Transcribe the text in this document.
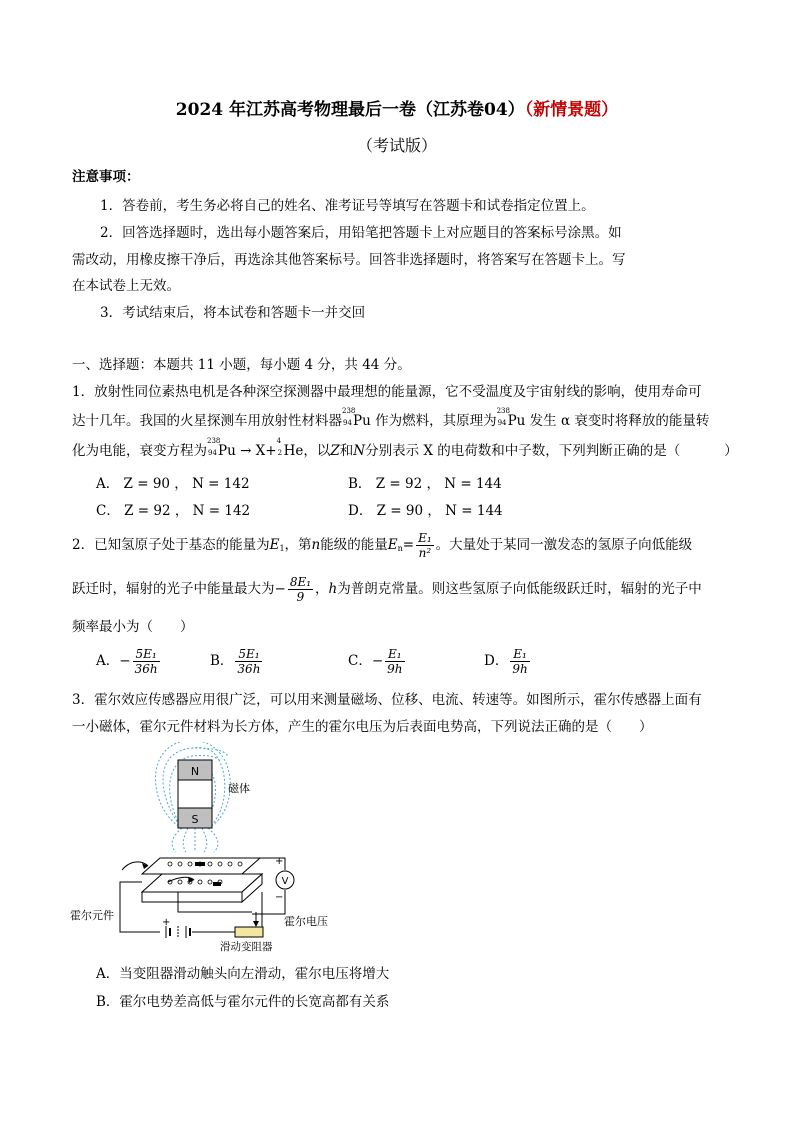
2024 年江苏高考物理最后一卷（江苏卷04）（新情景题）
（考试版）
注意事项：
1．答卷前，考生务必将自己的姓名、准考证号等填写在答题卡和试卷指定位置上。
2．回答选择题时，选出每小题答案后，用铅笔把答题卡上对应题目的答案标号涂黑。如
需改动，用橡皮擦干净后，再选涂其他答案标号。回答非选择题时，将答案写在答题卡上。写
在本试卷上无效。
3．考试结束后，将本试卷和答题卡一并交回
一、选择题：本题共 11 小题，每小题 4 分，共 44 分。
1．放射性同位素热电机是各种深空探测器中最理想的能量源，它不受温度及宇宙射线的影响，使用寿命可
达十几年。我国的火星探测车用放射性材料器
238
94 Pu 作为燃料，其原理为
238
94 Pu 发生 α 衰变时将释放的能量转
化为电能，衰变方程为
238
94 Pu → X+
4
2 He，以Z和N分别表示 X 的电荷数和中子数，下列判断正确的是（	）
A． Z = 90 ， N = 142	B． Z = 92 ， N = 144
C． Z = 92 ， N = 142	D． Z = 90 ， N = 144
2．已知氢原子处于基态的能量为$E_1$，第n能级的能量$E_n= \frac{\text{E₁}}{\text{n²}}$ 。大量处于某同一激发态的氢原子向低能级
跃迁时，辐射的光子中能量最大为− $\frac{\text{8E₁}}{9}$ ，h为普朗克常量。则这些氢原子向低能级跃迁时，辐射的光子中
频率最小为（　　）
A．− $\frac{\text{5E₁}}{36h}$	B． $\frac{\text{5E₁}}{36h}$	C．− $\frac{\text{E₁}}{9h}$	D． $\frac{\text{E₁}}{9h}$
3．霍尔效应传感器应用很广泛，可以用来测量磁场、位移、电流、转速等。如图所示，霍尔传感器上面有
一小磁体，霍尔元件材料为长方体，产生的霍尔电压为后表面电势高，下列说法正确的是（　　）
N
S
磁体
+
滑动变阻器
V
+
−
霍尔元件	霍尔电压
A．当变阻器滑动触头向左滑动，霍尔电压将增大
B．霍尔电势差高低与霍尔元件的长宽高都有关系
